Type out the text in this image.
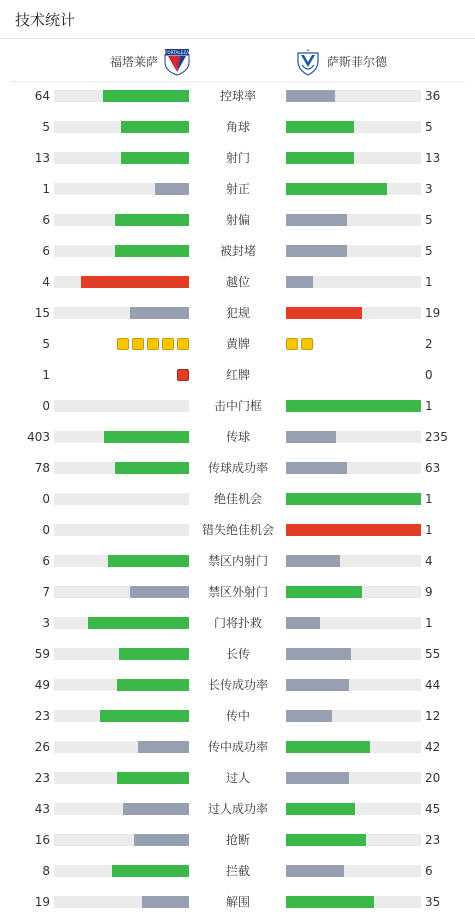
技术统计
福塔莱萨
FORTALEZA
萨斯菲尔德
64	控球率	36
5	角球	5
13	射门	13
1	射正	3
6	射偏	5
6	被封堵	5
4	越位	1
15	犯规	19
5	黄牌	2
1	红牌	0
0	击中门框	1
403	传球	235
78	传球成功率	63
0	绝佳机会	1
0	错失绝佳机会	1
6	禁区内射门	4
7	禁区外射门	9
3	门将扑救	1
59	长传	55
49	长传成功率	44
23	传中	12
26	传中成功率	42
23	过人	20
43	过人成功率	45
16	抢断	23
8	拦截	6
19	解围	35
